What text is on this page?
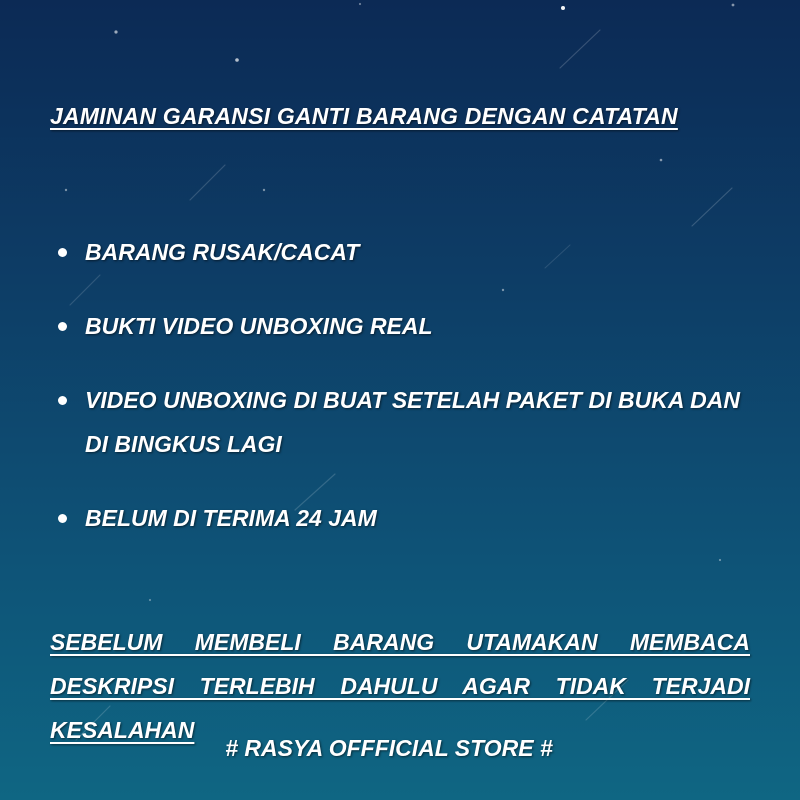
JAMINAN GARANSI GANTI BARANG DENGAN CATATAN

BARANG RUSAK/CACAT
BUKTI VIDEO UNBOXING REAL
VIDEO UNBOXING DI BUAT SETELAH PAKET DI BUKA DAN DI BINGKUS LAGI
BELUM DI TERIMA 24 JAM

SEBELUM MEMBELI BARANG UTAMAKAN MEMBACA DESKRIPSI TERLEBIH DAHULU AGAR TIDAK TERJADI KESALAHAN

# RASYA OFFFICIAL STORE #
